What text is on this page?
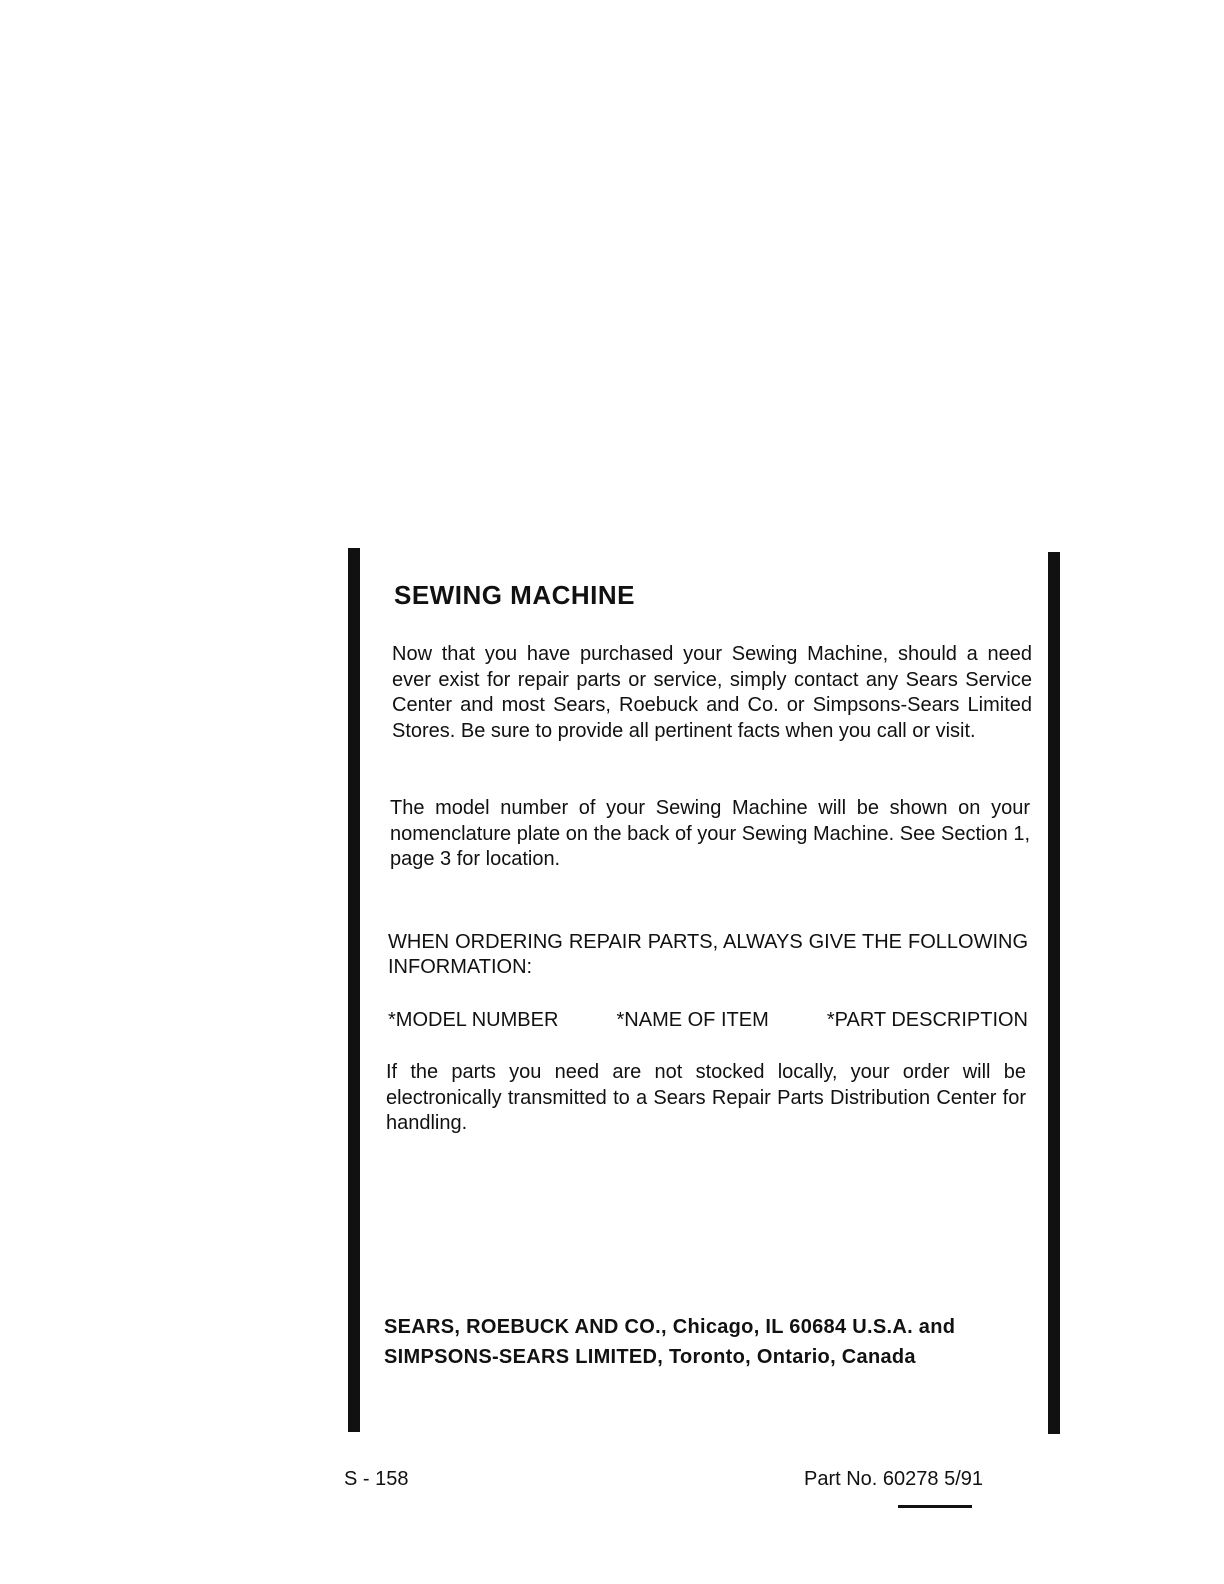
SEWING MACHINE

Now that you have purchased your Sewing Machine, should a need ever exist for repair parts or service, simply contact any Sears Service Center and most Sears, Roebuck and Co. or Simpsons-Sears Limited Stores. Be sure to provide all pertinent facts when you call or visit.

The model number of your Sewing Machine will be shown on your nomenclature plate on the back of your Sewing Machine. See Section 1, page 3 for location.

WHEN ORDERING REPAIR PARTS, ALWAYS GIVE THE FOLLOWING INFORMATION:

*MODEL NUMBER	*NAME OF ITEM	*PART DESCRIPTION

If the parts you need are not stocked locally, your order will be electronically transmitted to a Sears Repair Parts Distribution Center for handling.

SEARS, ROEBUCK AND CO., Chicago, IL 60684 U.S.A. and

SIMPSONS-SEARS LIMITED, Toronto, Ontario, Canada

S - 158	Part No. 60278 5/91
